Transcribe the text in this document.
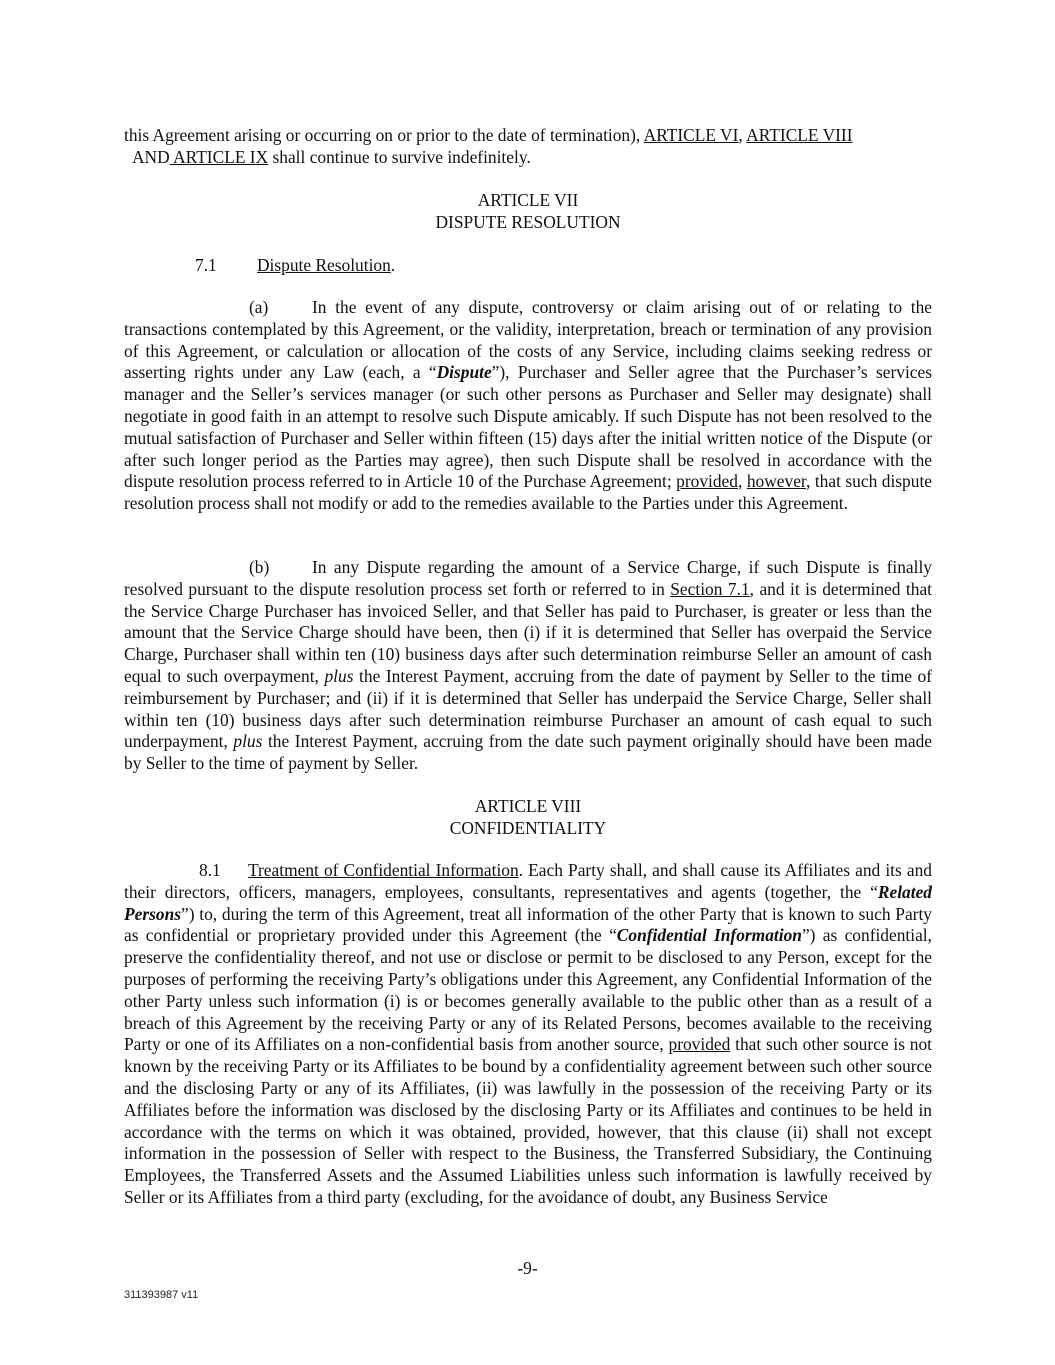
this Agreement arising or occurring on or prior to the date of termination), ARTICLE VI, ARTICLE VIII
AND ARTICLE IX shall continue to survive indefinitely.

ARTICLE VII

DISPUTE RESOLUTION

7.1 Dispute Resolution.

(a)	In the event of any dispute, controversy or claim arising out of or relating to the transactions contemplated by this Agreement, or the validity, interpretation, breach or termination of any provision of this Agreement, or calculation or allocation of the costs of any Service, including claims seeking redress or asserting rights under any Law (each, a “Dispute”), Purchaser and Seller agree that the Purchaser’s services manager and the Seller’s services manager (or such other persons as Purchaser and Seller may designate) shall negotiate in good faith in an attempt to resolve such Dispute amicably. If such Dispute has not been resolved to the mutual satisfaction of Purchaser and Seller within fifteen (15) days after the initial written notice of the Dispute (or after such longer period as the Parties may agree), then such Dispute shall be resolved in accordance with the dispute resolution process referred to in Article 10 of the Purchase Agreement; provided, however, that such dispute resolution process shall not modify or add to the remedies available to the Parties under this Agreement.

(b) In any Dispute regarding the amount of a Service Charge, if such Dispute is finally resolved pursuant to the dispute resolution process set forth or referred to in Section 7.1, and it is determined that the Service Charge Purchaser has invoiced Seller, and that Seller has paid to Purchaser, is greater or less than the amount that the Service Charge should have been, then (i) if it is determined that Seller has overpaid the Service Charge, Purchaser shall within ten (10) business days after such determination reimburse Seller an amount of cash equal to such overpayment, plus the Interest Payment, accruing from the date of payment by Seller to the time of reimbursement by Purchaser; and (ii) if it is determined that Seller has underpaid the Service Charge, Seller shall within ten (10) business days after such determination reimburse Purchaser an amount of cash equal to such underpayment, plus the Interest Payment, accruing from the date such payment originally should have been made by Seller to the time of payment by Seller.

ARTICLE VIII

CONFIDENTIALITY

8.1 Treatment of Confidential Information. Each Party shall, and shall cause its Affiliates and its and their directors, officers, managers, employees, consultants, representatives and agents (together, the “Related Persons”) to, during the term of this Agreement, treat all information of the other Party that is known to such Party as confidential or proprietary provided under this Agreement (the “Confidential Information”) as confidential, preserve the confidentiality thereof, and not use or disclose or permit to be disclosed to any Person, except for the purposes of performing the receiving Party’s obligations under this Agreement, any Confidential Information of the other Party unless such information (i) is or becomes generally available to the public other than as a result of a breach of this Agreement by the receiving Party or any of its Related Persons, becomes available to the receiving Party or one of its Affiliates on a non-confidential basis from another source, provided that such other source is not known by the receiving Party or its Affiliates to be bound by a confidentiality agreement between such other source and the disclosing Party or any of its Affiliates, (ii) was lawfully in the possession of the receiving Party or its Affiliates before the information was disclosed by the disclosing Party or its Affiliates and continues to be held in accordance with the terms on which it was obtained, provided, however, that this clause (ii) shall not except information in the possession of Seller with respect to the Business, the Transferred Subsidiary, the Continuing Employees, the Transferred Assets and the Assumed Liabilities unless such information is lawfully received by Seller or its Affiliates from a third party (excluding, for the avoidance of doubt, any Business Service

-9-
311393987 v11
